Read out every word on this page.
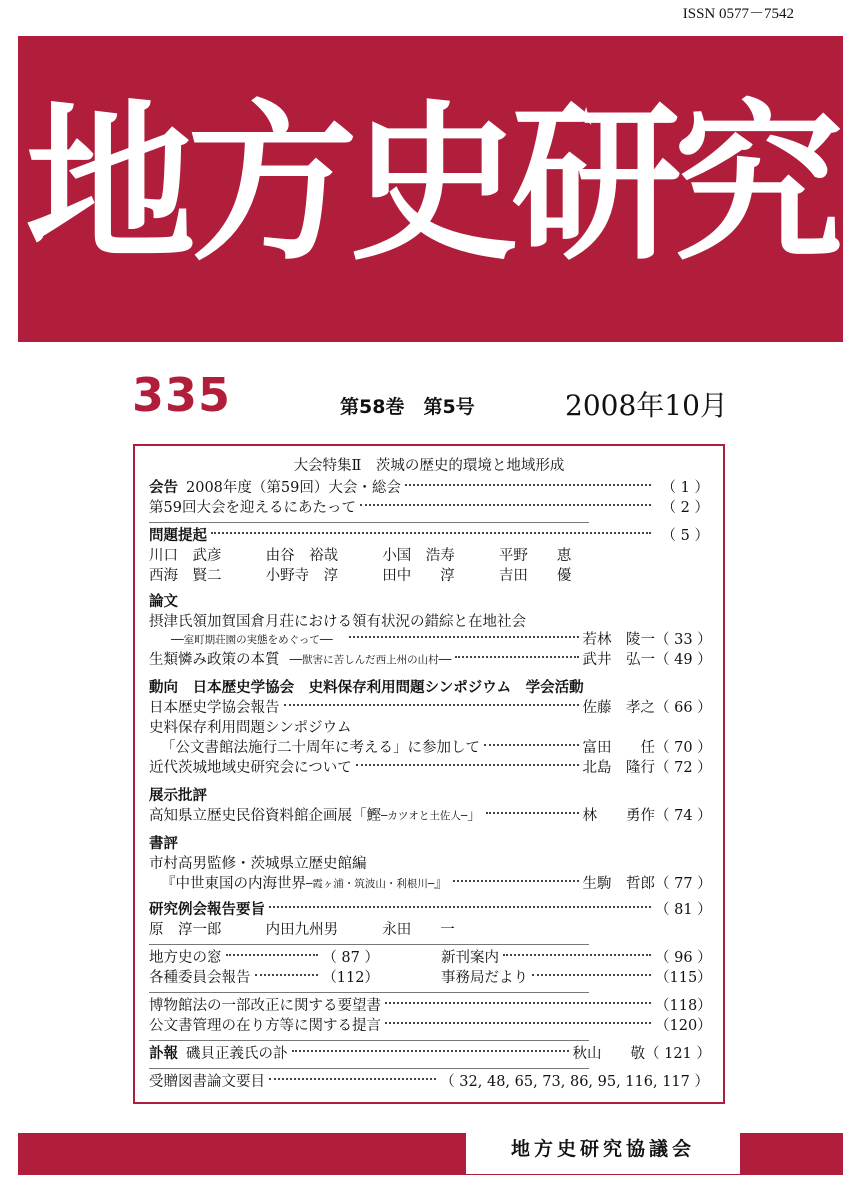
ISSN 0577－7542
地方史研究
335	第58巻　第5号	2008年10月
大会特集Ⅱ　茨城の歴史的環境と地域形成
会告 2008年度（第59回）大会・総会	（ 1 ）
第59回大会を迎えるにあたって	（ 2 ）
問題提起	（ 5 ）
川口　武彦	由谷　裕哉	小国　浩寿	平野　　恵
西海　賢二	小野寺　淳	田中　　淳	吉田　　優
論文
摂津氏領加賀国倉月荘における領有状況の錯綜と在地社会
──室町期荘園の実態をめぐって──	若林　陵一 （ 33 ）
生類憐み政策の本質 ──獣害に苦しんだ西上州の山村──	武井　弘一 （ 49 ）
動向 日本歴史学協会　史料保存利用問題シンポジウム　学会活動
日本歴史学協会報告	佐藤　孝之 （ 66 ）
史料保存利用問題シンポジウム
「公文書館法施行二十周年に考える」に参加して	富田　　任 （ 70 ）
近代茨城地域史研究会について	北島　隆行 （ 72 ）
展示批評
高知県立歴史民俗資料館企画展「鰹 ─カツオと土佐人─ 」	林　　勇作 （ 74 ）
書評
市村高男監修・茨城県立歴史館編
『中世東国の内海世界 ─霞ヶ浦・筑波山・利根川─ 』	生駒　哲郎 （ 77 ）
研究例会報告要旨	（ 81 ）
原　淳一郎	内田九州男	永田　　一
地方史の窓	（ 87 ）	新刊案内	（ 96 ）
各種委員会報告	（112）	事務局だより	（115）
博物館法の一部改正に関する要望書	（118）
公文書管理の在り方等に関する提言	（120）
訃報 磯貝正義氏の訃	秋山　　敬 （ 121 ）
受贈図書論文要目	（ 32, 48, 65, 73, 86, 95, 116, 117 ）
地方史研究協議会
